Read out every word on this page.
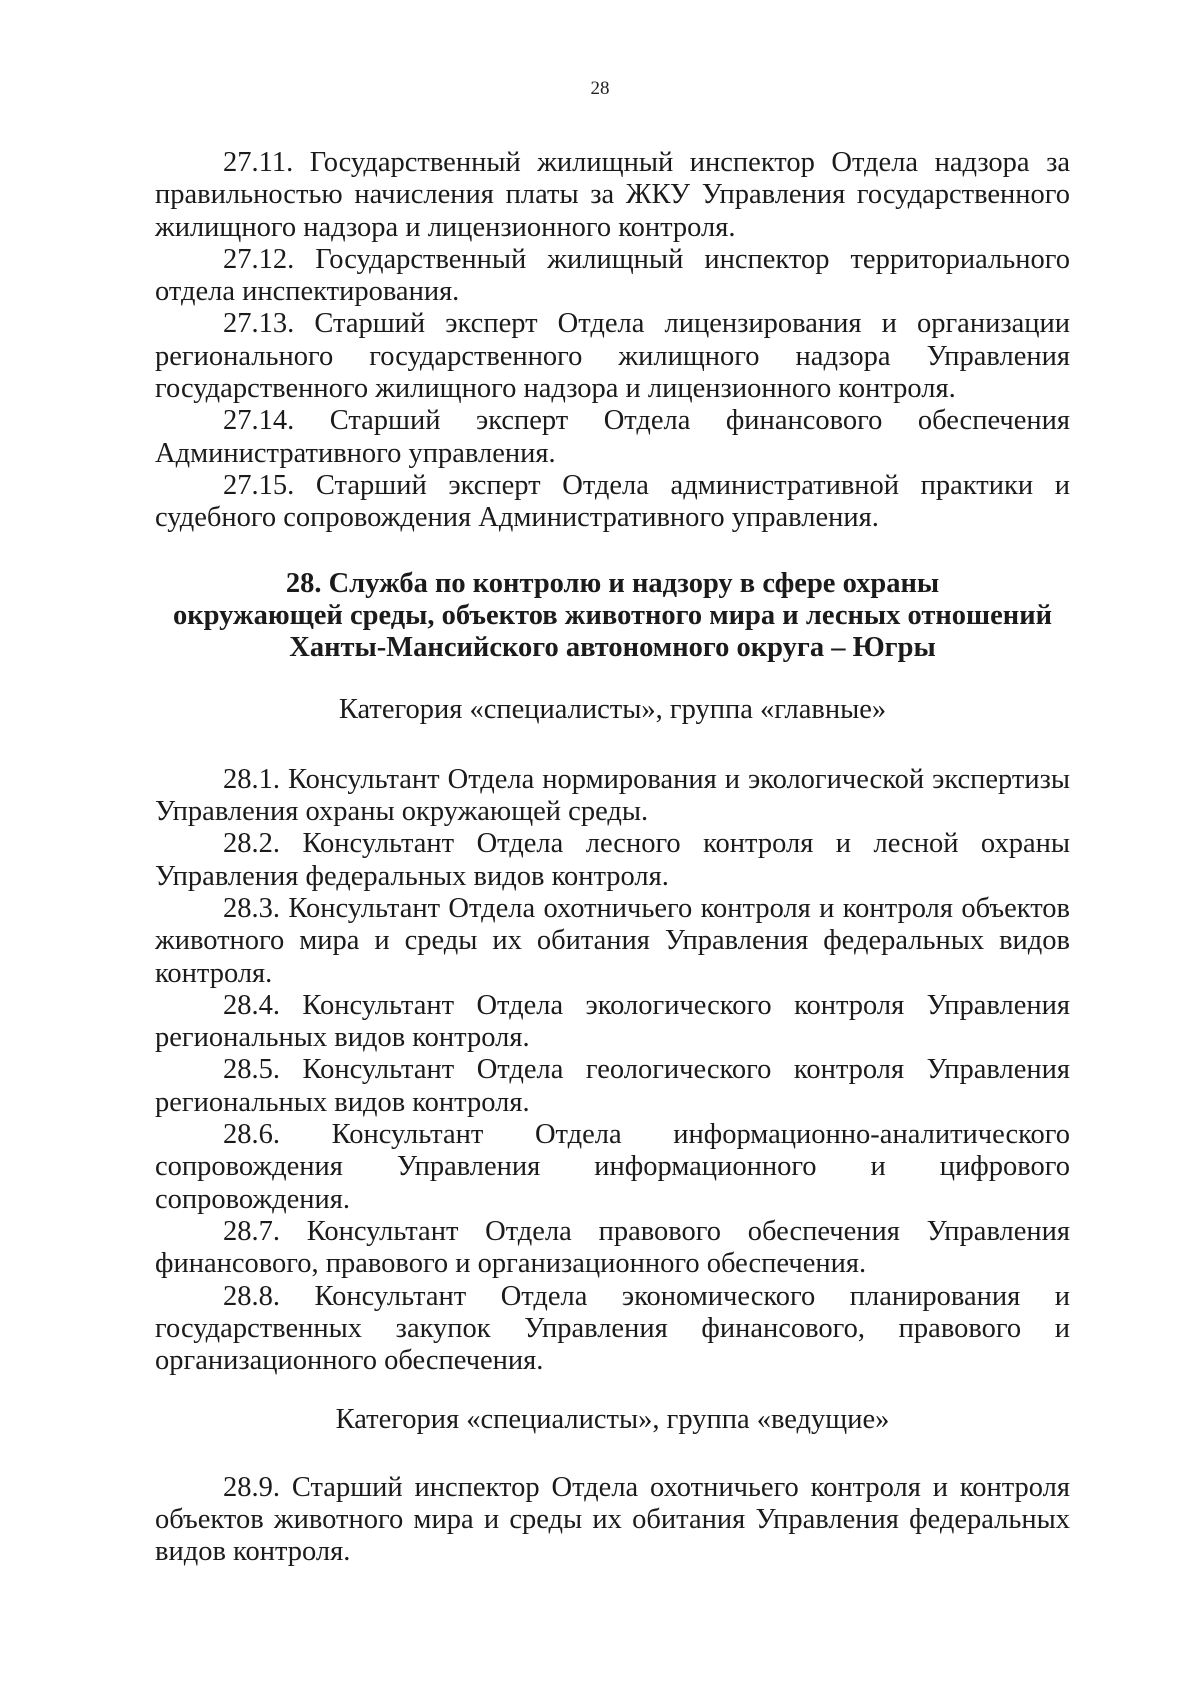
28

27.11. Государственный жилищный инспектор Отдела надзора за правильностью начисления платы за ЖКУ Управления государственного жилищного надзора и лицензионного контроля.

27.12. Государственный жилищный инспектор территориального отдела инспектирования.

27.13. Старший эксперт Отдела лицензирования и организации регионального государственного жилищного надзора Управления государственного жилищного надзора и лицензионного контроля.

27.14. Старший эксперт Отдела финансового обеспечения Административного управления.

27.15. Старший эксперт Отдела административной практики и судебного сопровождения Административного управления.

28. Служба по контролю и надзору в сфере охраны
окружающей среды, объектов животного мира и лесных отношений
Ханты-Мансийского автономного округа – Югры

Категория «специалисты», группа «главные»

28.1. Консультант Отдела нормирования и экологической экспертизы Управления охраны окружающей среды.

28.2. Консультант Отдела лесного контроля и лесной охраны Управления федеральных видов контроля.

28.3. Консультант Отдела охотничьего контроля и контроля объектов животного мира и среды их обитания Управления федеральных видов контроля.

28.4. Консультант Отдела экологического контроля Управления региональных видов контроля.

28.5. Консультант Отдела геологического контроля Управления региональных видов контроля.

28.6. Консультант Отдела информационно-аналитического сопровождения Управления информационного и цифрового сопровождения.

28.7. Консультант Отдела правового обеспечения Управления финансового, правового и организационного обеспечения.

28.8. Консультант Отдела экономического планирования и государственных закупок Управления финансового, правового и организационного обеспечения.

Категория «специалисты», группа «ведущие»

28.9. Старший инспектор Отдела охотничьего контроля и контроля объектов животного мира и среды их обитания Управления федеральных видов контроля.
